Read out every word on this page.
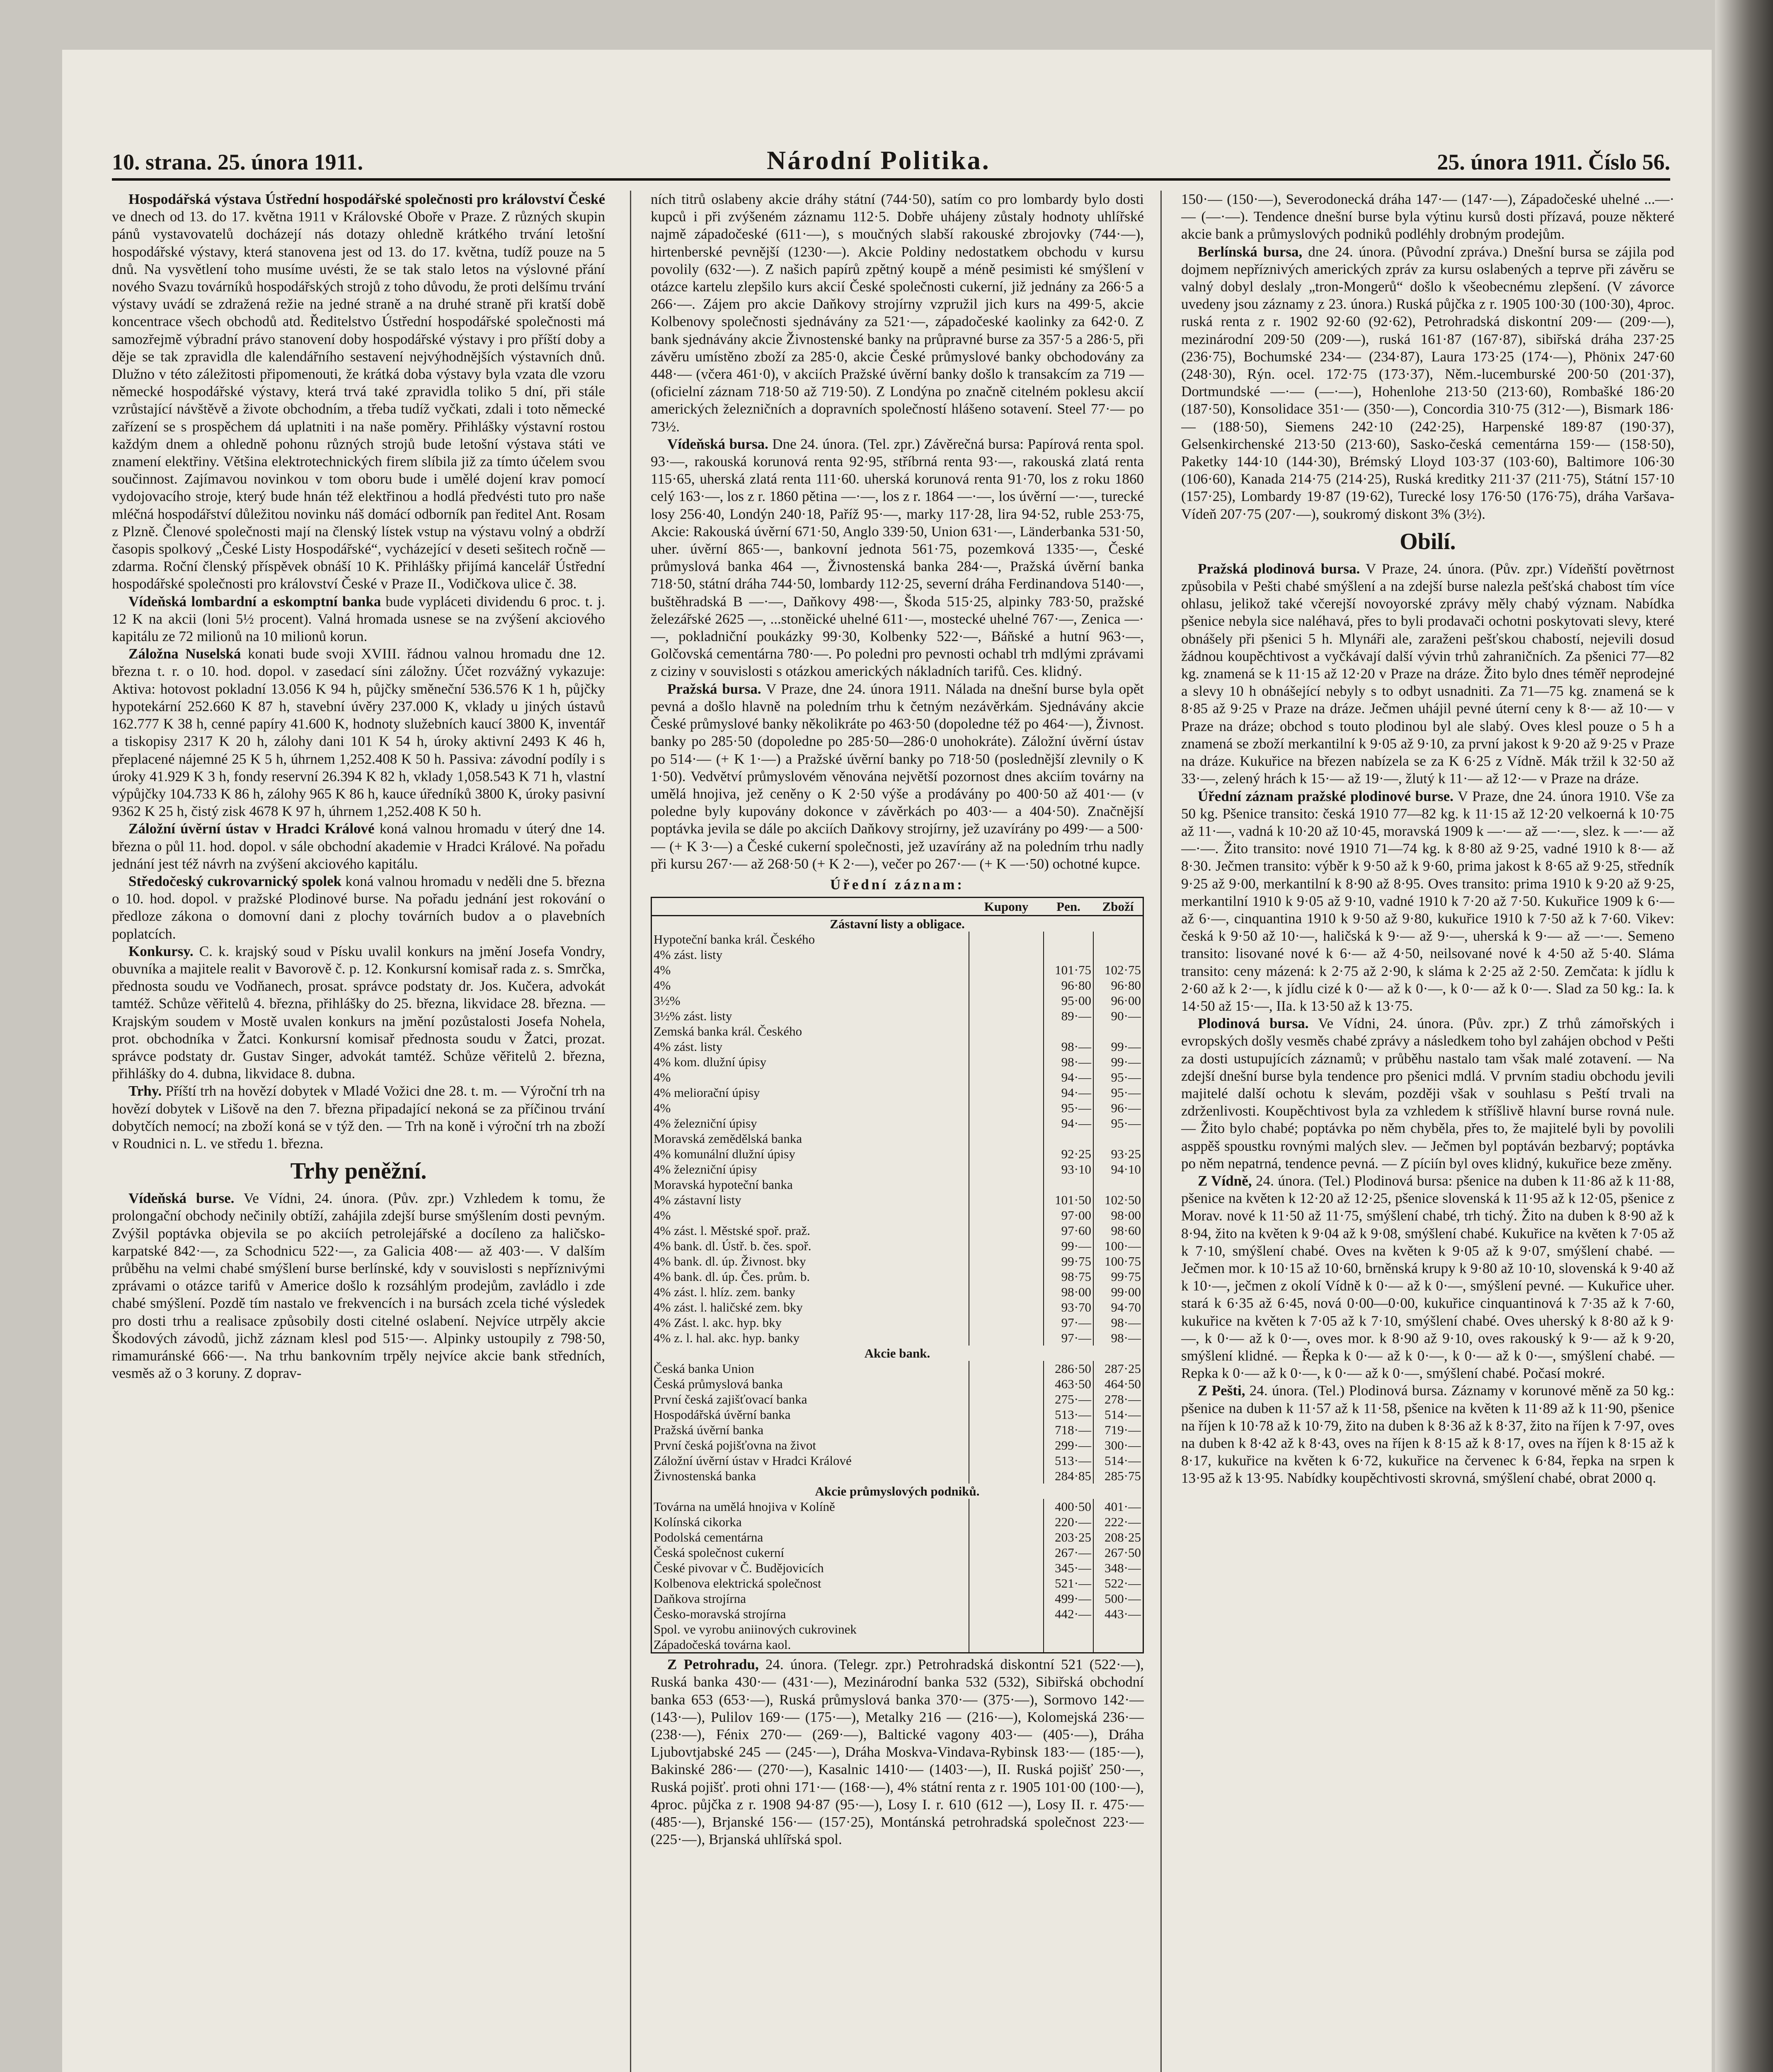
10. strana. 25. února 1911.	Národní Politika.	25. února 1911. Číslo 56.

Hospodářská výstava Ústřední hospodářské společnosti pro království České ve dnech od 13. do 17. května 1911 v Královské Oboře v Praze. Z různých skupin pánů vystavovatelů docházejí nás dotazy ohledně krátkého trvání letošní hospodářské výstavy, která stanovena jest od 13. do 17. května, tudíž pouze na 5 dnů. Na vysvětlení toho musíme uvésti, že se tak stalo letos na výslovné přání nového Svazu továrníků hospodářských strojů z toho důvodu, že proti delšímu trvání výstavy uvádí se zdražená režie na jedné straně a na druhé straně při kratší době koncentrace všech obchodů atd. Ředitelstvo Ústřední hospodářské společnosti má samozřejmě výbradní právo stanovení doby hospodářské výstavy i pro příští doby a děje se tak zpravidla dle kalendářního sestavení nejvýhodnějších výstavních dnů. Dlužno v této záležitosti připomenouti, že krátká doba výstavy byla vzata dle vzoru německé hospodářské výstavy, která trvá také zpravidla toliko 5 dní, při stále vzrůstající návštěvě a živote obchodním, a třeba tudíž vyčkati, zdali i toto německé zařízení se s prospěchem dá uplatniti i na naše poměry. Přihlášky výstavní rostou každým dnem a ohledně pohonu různých strojů bude letošní výstava státi ve znamení elektřiny. Většina elektrotechnických firem slíbila již za tímto účelem svou součinnost. Zajímavou novinkou v tom oboru bude i umělé dojení krav pomocí vydojovacího stroje, který bude hnán též elektřinou a hodlá předvésti tuto pro naše mléčná hospodářství důležitou novinku náš domácí odborník pan ředitel Ant. Rosam z Plzně. Členové společnosti mají na členský lístek vstup na výstavu volný a obdrží časopis spolkový „České Listy Hospodářské“, vycházející v deseti sešitech ročně — zdarma. Roční členský příspěvek obnáší 10 K. Přihlášky přijímá kancelář Ústřední hospodářské společnosti pro království České v Praze II., Vodičkova ulice č. 38.

Vídeňská lombardní a eskomptní banka bude vypláceti dividendu 6 proc. t. j. 12 K na akcii (loni 5½ procent). Valná hromada usnese se na zvýšení akciového kapitálu ze 72 milionů na 10 milionů korun.

Záložna Nuselská konati bude svoji XVIII. řádnou valnou hromadu dne 12. března t. r. o 10. hod. dopol. v zasedací síni záložny. Účet rozvážný vykazuje: Aktiva: hotovost pokladní 13.056 K 94 h, půjčky směneční 536.576 K 1 h, půjčky hypotekární 252.660 K 87 h, stavební úvěry 237.000 K, vklady u jiných ústavů 162.777 K 38 h, cenné papíry 41.600 K, hodnoty služebních kaucí 3800 K, inventář a tiskopisy 2317 K 20 h, zálohy dani 101 K 54 h, úroky aktivní 2493 K 46 h, přeplacené nájemné 25 K 5 h, úhrnem 1,252.408 K 50 h. Passiva: závodní podíly i s úroky 41.929 K 3 h, fondy reservní 26.394 K 82 h, vklady 1,058.543 K 71 h, vlastní výpůjčky 104.733 K 86 h, zálohy 965 K 86 h, kauce úředníků 3800 K, úroky pasivní 9362 K 25 h, čistý zisk 4678 K 97 h, úhrnem 1,252.408 K 50 h.

Záložní úvěrní ústav v Hradci Králové koná valnou hromadu v úterý dne 14. března o půl 11. hod. dopol. v sále obchodní akademie v Hradci Králové. Na pořadu jednání jest též návrh na zvýšení akciového kapitálu.

Středočeský cukrovarnický spolek koná valnou hromadu v neděli dne 5. března o 10. hod. dopol. v pražské Plodinové burse. Na pořadu jednání jest rokování o předloze zákona o domovní dani z plochy továrních budov a o plavebních poplatcích.

Konkursy. C. k. krajský soud v Písku uvalil konkurs na jmění Josefa Vondry, obuvníka a majitele realit v Bavorově č. p. 12. Konkursní komisař rada z. s. Smrčka, přednosta soudu ve Vodňanech, prosat. správce podstaty dr. Jos. Kučera, advokát tamtéž. Schůze věřitelů 4. března, přihlášky do 25. března, likvidace 28. března. — Krajským soudem v Mostě uvalen konkurs na jmění pozůstalosti Josefa Nohela, prot. obchodníka v Žatci. Konkursní komisař přednosta soudu v Žatci, prozat. správce podstaty dr. Gustav Singer, advokát tamtéž. Schůze věřitelů 2. března, přihlášky do 4. dubna, likvidace 8. dubna.

Trhy. Příští trh na hovězí dobytek v Mladé Vožici dne 28. t. m. — Výroční trh na hovězí dobytek v Lišově na den 7. března připadající nekoná se za příčinou trvání dobytčích nemocí; na zboží koná se v týž den. — Trh na koně i výroční trh na zboží v Roudnici n. L. ve středu 1. března.

Trhy peněžní.

Vídeňská burse. Ve Vídni, 24. února. (Pův. zpr.) Vzhledem k tomu, že prolongační obchody nečinily obtíží, zahájila zdejší burse smýšlením dosti pevným. Zvýšil poptávka objevila se po akciích petrolejářské a docíleno za haličsko-karpatské 842·—, za Schodnicu 522·—, za Galicia 408·— až 403·—. V dalším průběhu na velmi chabé smýšlení burse berlínské, kdy v souvislosti s nepříznivými zprávami o otázce tarifů v Americe došlo k rozsáhlým prodejům, zavládlo i zde chabé smýšlení. Pozdě tím nastalo ve frekvencích i na bursách zcela tiché výsledek pro dosti trhu a realisace způsobily dosti citelné oslabení. Nejvíce utrpěly akcie Škodových závodů, jichž záznam klesl pod 515·—. Alpinky ustoupily z 798·50, rimamuránské 666·—. Na trhu bankovním trpěly nejvíce akcie bank středních, vesměs až o 3 koruny. Z doprav-

ních titrů oslabeny akcie dráhy státní (744·50), satím co pro lombardy bylo dosti kupců i při zvýšeném záznamu 112·5. Dobře uhájeny zůstaly hodnoty uhlířské najmě západočeské (611·—), s moučných slabší rakouské zbrojovky (744·—), hirtenberské pevnější (1230·—). Akcie Poldiny nedostatkem obchodu v kursu povolily (632·—). Z našich papírů zpětný koupě a méně pesimisti ké smýšlení v otázce kartelu zlepšilo kurs akcií České společnosti cukerní, již jednány za 266·5 a 266·—. Zájem pro akcie Daňkovy strojírny vzpružil jich kurs na 499·5, akcie Kolbenovy společnosti sjednávány za 521·—, západočeské kaolinky za 642·0. Z bank sjednávány akcie Živnostenské banky na průpravné burse za 357·5 a 286·5, při závěru umístěno zboží za 285·0, akcie České průmyslové banky obchodovány za 448·— (včera 461·0), v akciích Pražské úvěrní banky došlo k transakcím za 719 — (oficielní záznam 718·50 až 719·50). Z Londýna po značně citelném poklesu akcií amerických železničních a dopravních společností hlášeno sotavení. Steel 77·— po 73½.

Vídeňská bursa. Dne 24. února. (Tel. zpr.) Závěrečná bursa: Papírová renta spol. 93·—, rakouská korunová renta 92·95, stříbrná renta 93·—, rakouská zlatá renta 115·65, uherská zlatá renta 111·60. uherská korunová renta 91·70, los z roku 1860 celý 163·—, los z r. 1860 pětina —·—, los z r. 1864 —·—, los úvěrní —·—, turecké losy 256·40, Londýn 240·18, Paříž 95·—, marky 117·28, lira 94·52, ruble 253·75, Akcie: Rakouská úvěrní 671·50, Anglo 339·50, Union 631·—, Länderbanka 531·50, uher. úvěrní 865·—, bankovní jednota 561·75, pozemková 1335·—, České průmyslová banka 464 —, Živnostenská banka 284·—, Pražská úvěrní banka 718·50, státní dráha 744·50, lombardy 112·25, severní dráha Ferdinandova 5140·—, buštěhradská B —·—, Daňkovy 498·—, Škoda 515·25, alpinky 783·50, pražské železářské 2625 —, ...stoněické uhelné 611·—, mostecké uhelné 767·—, Zenica —·—, pokladniční poukázky 99·30, Kolbenky 522·—, Báňské a hutní 963·—, Golčovská cementárna 780·—. Po poledni pro pevnosti ochabl trh mdlými zprávami z ciziny v souvislosti s otázkou amerických nákladních tarifů. Ces. klidný.

Pražská bursa. V Praze, dne 24. února 1911. Nálada na dnešní burse byla opět pevná a došlo hlavně na poledním trhu k četným nezávěrkám. Sjednávány akcie České průmyslové banky několikráte po 463·50 (dopoledne též po 464·—), Živnost. banky po 285·50 (dopoledne po 285·50—286·0 unohokráte). Záložní úvěrní ústav po 514·— (+ K 1·—) a Pražské úvěrní banky po 718·50 (poslednější zlevnily o K 1·50). Vedvětví průmyslovém věnována největší pozornost dnes akciím továrny na umělá hnojiva, jež ceněny o K 2·50 výše a prodávány po 400·50 až 401·— (v poledne byly kupovány dokonce v závěrkách po 403·— a 404·50). Značnější poptávka jevila se dále po akciích Daňkovy strojírny, jež uzavírány po 499·— a 500·— (+ K 3·—) a České cukerní společnosti, jež uzavírány až na poledním trhu nadly při kursu 267·— až 268·50 (+ K 2·—), večer po 267·— (+ K —·50) ochotné kupce.

Úřední záznam:

	Kupony	Pen.	Zboží
Zástavní listy a obligace.			
Hypoteční banka král. Českého			
4% zást. listy			
4%		101·75	102·75
4%		96·80	96·80
3½%		95·00	96·00
3½% zást. listy		89·—	90·—
Zemská banka král. Českého			
4% zást. listy		98·—	99·—
4% kom. dlužní úpisy		98·—	99·—
4%		94·—	95·—
4% meliorační úpisy		94·—	95·—
4%		95·—	96·—
4% železniční úpisy		94·—	95·—
Moravská zemědělská banka			
4% komunální dlužní úpisy		92·25	93·25
4% železniční úpisy		93·10	94·10
Moravská hypoteční banka			
4% zástavní listy		101·50	102·50
4%		97·00	98·00
4% zást. l. Městské spoř. praž.		97·60	98·60
4% bank. dl. Ústř. b. čes. spoř.		99·—	100·—
4% bank. dl. úp. Živnost. bky		99·75	100·75
4% bank. dl. úp. Čes. prům. b.		98·75	99·75
4% zást. l. hlíz. zem. banky		98·00	99·00
4% zást. l. haličské zem. bky		93·70	94·70
4% Zást. l. akc. hyp. bky		97·—	98·—
4% z. l. hal. akc. hyp. banky		97·—	98·—
Akcie bank.			
Česká banka Union		286·50	287·25
Česká průmyslová banka		463·50	464·50
První česká zajišťovací banka		275·—	278·—
Hospodářská úvěrní banka		513·—	514·—
Pražská úvěrní banka		718·—	719·—
První česká pojišťovna na život		299·—	300·—
Záložní úvěrní ústav v Hradci Králové		513·—	514·—
Živnostenská banka		284·85	285·75
Akcie průmyslových podniků.			
Továrna na umělá hnojiva v Kolíně		400·50	401·—
Kolínská cikorka		220·—	222·—
Podolská cementárna		203·25	208·25
Česká společnost cukerní		267·—	267·50
České pivovar v Č. Budějovicích		345·—	348·—
Kolbenova elektrická společnost		521·—	522·—
Daňkova strojírna		499·—	500·—
Česko-moravská strojírna		442·—	443·—
Spol. ve vyrobu aniinových cukrovinek			
Západočeská továrna kaol.			

Z Petrohradu, 24. února. (Telegr. zpr.) Petrohradská diskontní 521 (522·—), Ruská banka 430·— (431·—), Mezinárodní banka 532 (532), Sibiřská obchodní banka 653 (653·—), Ruská průmyslová banka 370·— (375·—), Sormovo 142·— (143·—), Pulilov 169·— (175·—), Metalky 216 — (216·—), Kolomejská 236·— (238·—), Fénix 270·— (269·—), Baltické vagony 403·— (405·—), Dráha Ljubovtjabské 245 — (245·—), Dráha Moskva-Vindava-Rybinsk 183·— (185·—), Bakinské 286·— (270·—), Kasalnic 1410·— (1403·—), II. Ruská pojišť 250·—, Ruská pojišť. proti ohni 171·— (168·—), 4% státní renta z r. 1905 101·00 (100·—), 4proc. půjčka z r. 1908 94·87 (95·—), Losy I. r. 610 (612 —), Losy II. r. 475·— (485·—), Brjanské 156·— (157·25), Montánská petrohradská společnost 223·— (225·—), Brjanská uhlířská spol.

150·— (150·—), Severodonecká dráha 147·— (147·—), Západočeské uhelné ...—·— (—·—). Tendence dnešní burse byla výtinu kursů dosti přízavá, pouze některé akcie bank a průmyslových podniků podléhly drobným prodejům.

Berlínská bursa, dne 24. února. (Původní zpráva.) Dnešní bursa se zájila pod dojmem nepříznivých amerických zpráv za kursu oslabených a teprve při závěru se valný dobyl deslaly „tron-Mongerů“ došlo k všeobecnému zlepšení. (V závorce uvedeny jsou záznamy z 23. února.) Ruská půjčka z r. 1905 100·30 (100·30), 4proc. ruská renta z r. 1902 92·60 (92·62), Petrohradská diskontní 209·— (209·—), mezinárodní 209·50 (209·—), ruská 161·87 (167·87), sibiřská dráha 237·25 (236·75), Bochumské 234·— (234·87), Laura 173·25 (174·—), Phönix 247·60 (248·30), Rýn. ocel. 172·75 (173·37), Něm.-lucemburské 200·50 (201·37), Dortmundské —·— (—·—), Hohenlohe 213·50 (213·60), Rombašké 186·20 (187·50), Konsolidace 351·— (350·—), Concordia 310·75 (312·—), Bismark 186·— (188·50), Siemens 242·10 (242·25), Harpenské 189·87 (190·37), Gelsenkirchenské 213·50 (213·60), Sasko-česká cementárna 159·— (158·50), Paketky 144·10 (144·30), Brémský Lloyd 103·37 (103·60), Baltimore 106·30 (106·60), Kanada 214·75 (214·25), Ruská kreditky 211·37 (211·75), Státní 157·10 (157·25), Lombardy 19·87 (19·62), Turecké losy 176·50 (176·75), dráha Varšava-Vídeň 207·75 (207·—), soukromý diskont 3% (3½).

Obilí.

Pražská plodinová bursa. V Praze, 24. února. (Pův. zpr.) Vídeňští povětrnost způsobila v Pešti chabé smýšlení a na zdejší burse nalezla pešťská chabost tím více ohlasu, jelikož také včerejší novoyorské zprávy měly chabý význam. Nabídka pšenice nebyla sice naléhavá, přes to byli prodavači ochotni poskytovati slevy, které obnášely při pšenici 5 h. Mlynáři ale, zaraženi pešťskou chabostí, nejevili dosud žádnou koupěchtivost a vyčkávají další vývin trhů zahraničních. Za pšenici 77—82 kg. znamená se k 11·15 až 12·20 v Praze na dráze. Žito bylo dnes téměř neprodejné a slevy 10 h obnášející nebyly s to odbyt usnadniti. Za 71—75 kg. znamená se k 8·85 až 9·25 v Praze na dráze. Ječmen uhájil pevné úterní ceny k 8·— až 10·— v Praze na dráze; obchod s touto plodinou byl ale slabý. Oves klesl pouze o 5 h a znamená se zboží merkantilní k 9·05 až 9·10, za první jakost k 9·20 až 9·25 v Praze na dráze. Kukuřice na březen nabízela se za K 6·25 z Vídně. Mák tržil k 32·50 až 33·—, zelený hrách k 15·— až 19·—, žlutý k 11·— až 12·— v Praze na dráze.

Úřední záznam pražské plodinové burse. V Praze, dne 24. února 1910. Vše za 50 kg. Pšenice transito: česká 1910 77—82 kg. k 11·15 až 12·20 velkoerná k 10·75 až 11·—, vadná k 10·20 až 10·45, moravská 1909 k —·— až —·—, slez. k —·— až —·—. Žito transito: nové 1910 71—74 kg. k 8·80 až 9·25, vadné 1910 k 8·— až 8·30. Ječmen transito: výběr k 9·50 až k 9·60, prima jakost k 8·65 až 9·25, středník 9·25 až 9·00, merkantilní k 8·90 až 8·95. Oves transito: prima 1910 k 9·20 až 9·25, merkantilní 1910 k 9·05 až 9·10, vadné 1910 k 7·20 až 7·50. Kukuřice 1909 k 6·— až 6·—, cinquantina 1910 k 9·50 až 9·80, kukuřice 1910 k 7·50 až k 7·60. Vikev: česká k 9·50 až 10·—, haličská k 9·— až 9·—, uherská k 9·— až —·—. Semeno transito: lisované nové k 6·— až 4·50, neilsované nové k 4·50 až 5·40. Sláma transito: ceny mázená: k 2·75 až 2·90, k sláma k 2·25 až 2·50. Zemčata: k jídlu k 2·60 až k 2·—, k jídlu cizé k 0·— až k 0·—, k 0·— až k 0·—. Slad za 50 kg.: Ia. k 14·50 až 15·—, IIa. k 13·50 až k 13·75.

Plodinová bursa. Ve Vídni, 24. února. (Pův. zpr.) Z trhů zámořských i evropských došly vesměs chabé zprávy a následkem toho byl zahájen obchod v Pešti za dosti ustupujících záznamů; v průběhu nastalo tam však malé zotavení. — Na zdejší dnešní burse byla tendence pro pšenici mdlá. V prvním stadiu obchodu jevili majitelé další ochotu k slevám, později však v souhlasu s Peští trvali na zdrženlivosti. Koupěchtivost byla za vzhledem k stříšlivě hlavní burse rovná nule. — Žito bylo chabé; poptávka po něm chyběla, přes to, že majitelé byli by povolili asppěš spoustku rovnými malých slev. — Ječmen byl poptáván bezbarvý; poptávka po něm nepatrná, tendence pevná. — Z píciín byl oves klidný, kukuřice beze změny.

Z Vídně, 24. února. (Tel.) Plodinová bursa: pšenice na duben k 11·86 až k 11·88, pšenice na květen k 12·20 až 12·25, pšenice slovenská k 11·95 až k 12·05, pšenice z Morav. nové k 11·50 až 11·75, smýšlení chabé, trh tichý. Žito na duben k 8·90 až k 8·94, žito na květen k 9·04 až k 9·08, smýšlení chabé. Kukuřice na květen k 7·05 až k 7·10, smýšlení chabé. Oves na květen k 9·05 až k 9·07, smýšlení chabé. — Ječmen mor. k 10·15 až 10·60, brněnská krupy k 9·80 až 10·10, slovenská k 9·40 až k 10·—, ječmen z okolí Vídně k 0·— až k 0·—, smýšlení pevné. — Kukuřice uher. stará k 6·35 až 6·45, nová 0·00—0·00, kukuřice cinquantinová k 7·35 až k 7·60, kukuřice na květen k 7·05 až k 7·10, smýšlení chabé. Oves uherský k 8·80 až k 9·—, k 0·— až k 0·—, oves mor. k 8·90 až 9·10, oves rakouský k 9·— až k 9·20, smýšlení klidné. — Řepka k 0·— až k 0·—, k 0·— až k 0·—, smýšlení chabé. — Repka k 0·— až k 0·—, k 0·— až k 0·—, smýšlení chabé. Počasí mokré.

Z Pešti, 24. února. (Tel.) Plodinová bursa. Záznamy v korunové měně za 50 kg.: pšenice na duben k 11·57 až k 11·58, pšenice na květen k 11·89 až k 11·90, pšenice na říjen k 10·78 až k 10·79, žito na duben k 8·36 až k 8·37, žito na říjen k 7·97, oves na duben k 8·42 až k 8·43, oves na říjen k 8·15 až k 8·17, oves na říjen k 8·15 až k 8·17, kukuřice na květen k 6·72, kukuřice na červenec k 6·84, řepka na srpen k 13·95 až k 13·95. Nabídky koupěchtivosti skrovná, smýšlení chabé, obrat 2000 q.
